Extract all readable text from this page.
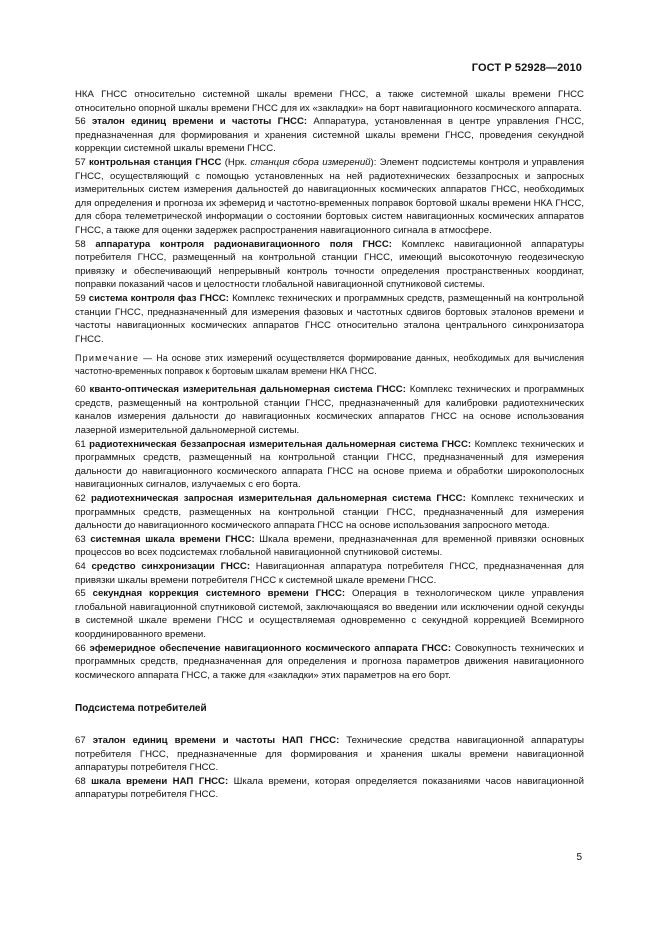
ГОСТ Р 52928—2010

НКА ГНСС относительно системной шкалы времени ГНСС, а также системной шкалы времени ГНСС относительно опорной шкалы времени ГНСС для их «закладки» на борт навигационного космического аппарата.

56 эталон единиц времени и частоты ГНСС: Аппаратура, установленная в центре управления ГНСС, предназначенная для формирования и хранения системной шкалы времени ГНСС, проведения секундной коррекции системной шкалы времени ГНСС.

57 контрольная станция ГНСС (Нрк. станция сбора измерений): Элемент подсистемы контроля и управления ГНСС, осуществляющий с помощью установленных на ней радиотехнических беззапросных и запросных измерительных систем измерения дальностей до навигационных космических аппаратов ГНСС, необходимых для определения и прогноза их эфемерид и частотно-временных поправок бортовой шкалы времени НКА ГНСС, для сбора телеметрической информации о состоянии бортовых систем навигационных космических аппаратов ГНСС, а также для оценки задержек распространения навигационного сигнала в атмосфере.

58 аппаратура контроля радионавигационного поля ГНСС: Комплекс навигационной аппаратуры потребителя ГНСС, размещенный на контрольной станции ГНСС, имеющий высокоточную геодезическую привязку и обеспечивающий непрерывный контроль точности определения пространственных координат, поправки показаний часов и целостности глобальной навигационной спутниковой системы.

59 система контроля фаз ГНСС: Комплекс технических и программных средств, размещенный на контрольной станции ГНСС, предназначенный для измерения фазовых и частотных сдвигов бортовых эталонов времени и частоты навигационных космических аппаратов ГНСС относительно эталона центрального синхронизатора ГНСС.

Примечание — На основе этих измерений осуществляется формирование данных, необходимых для вычисления частотно-временных поправок к бортовым шкалам времени НКА ГНСС.

60 кванто-оптическая измерительная дальномерная система ГНСС: Комплекс технических и программных средств, размещенный на контрольной станции ГНСС, предназначенный для калибровки радиотехнических каналов измерения дальности до навигационных космических аппаратов ГНСС на основе использования лазерной измерительной дальномерной системы.

61 радиотехническая беззапросная измерительная дальномерная система ГНСС: Комплекс технических и программных средств, размещенный на контрольной станции ГНСС, предназначенный для измерения дальности до навигационного космического аппарата ГНСС на основе приема и обработки широкополосных навигационных сигналов, излучаемых с его борта.

62 радиотехническая запросная измерительная дальномерная система ГНСС: Комплекс технических и программных средств, размещенных на контрольной станции ГНСС, предназначенный для измерения дальности до навигационного космического аппарата ГНСС на основе использования запросного метода.

63 системная шкала времени ГНСС: Шкала времени, предназначенная для временной привязки основных процессов во всех подсистемах глобальной навигационной спутниковой системы.

64 средство синхронизации ГНСС: Навигационная аппаратура потребителя ГНСС, предназначенная для привязки шкалы времени потребителя ГНСС к системной шкале времени ГНСС.

65 секундная коррекция системного времени ГНСС: Операция в технологическом цикле управления глобальной навигационной спутниковой системой, заключающаяся во введении или исключении одной секунды в системной шкале времени ГНСС и осуществляемая одновременно с секундной коррекцией Всемирного координированного времени.

66 эфемеридное обеспечение навигационного космического аппарата ГНСС: Совокупность технических и программных средств, предназначенная для определения и прогноза параметров движения навигационного космического аппарата ГНСС, а также для «закладки» этих параметров на его борт.

Подсистема потребителей

67 эталон единиц времени и частоты НАП ГНСС: Технические средства навигационной аппаратуры потребителя ГНСС, предназначенные для формирования и хранения шкалы времени навигационной аппаратуры потребителя ГНСС.

68 шкала времени НАП ГНСС: Шкала времени, которая определяется показаниями часов навигационной аппаратуры потребителя ГНСС.

5
